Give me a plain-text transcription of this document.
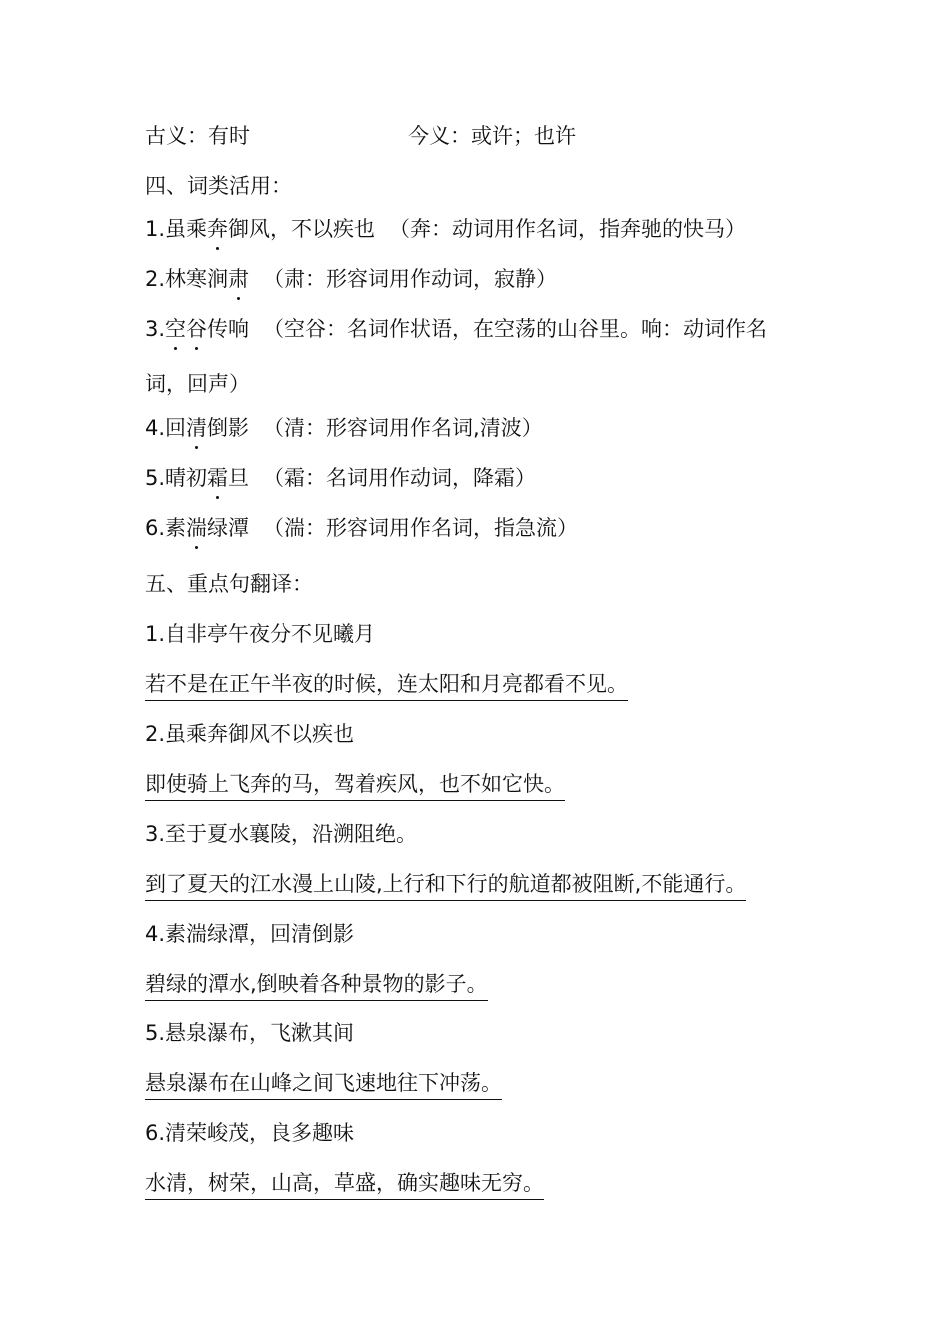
古义：有时	今义：或许；也许
四、词类活用：
1.虽乘奔御风，不以疾也 （奔：动词用作名词，指奔驰的快马）
2.林寒涧肃 （肃：形容词用作动词，寂静）
3.空谷传响 （空谷：名词作状语，在空荡的山谷里。响：动词作名
词，回声）
4.回清倒影 （清：形容词用作名词,清波）
5.晴初霜旦 （霜：名词用作动词，降霜）
6.素湍绿潭 （湍：形容词用作名词，指急流）
五、重点句翻译：
1.自非亭午夜分不见曦月
若不是在正午半夜的时候，连太阳和月亮都看不见。
2.虽乘奔御风不以疾也
即使骑上飞奔的马，驾着疾风，也不如它快。
3.至于夏水襄陵，沿溯阻绝。
到了夏天的江水漫上山陵,上行和下行的航道都被阻断,不能通行。
4.素湍绿潭，回清倒影
碧绿的潭水,倒映着各种景物的影子。
5.悬泉瀑布，飞漱其间
悬泉瀑布在山峰之间飞速地往下冲荡。
6.清荣峻茂，良多趣味
水清，树荣，山高，草盛，确实趣味无穷。
